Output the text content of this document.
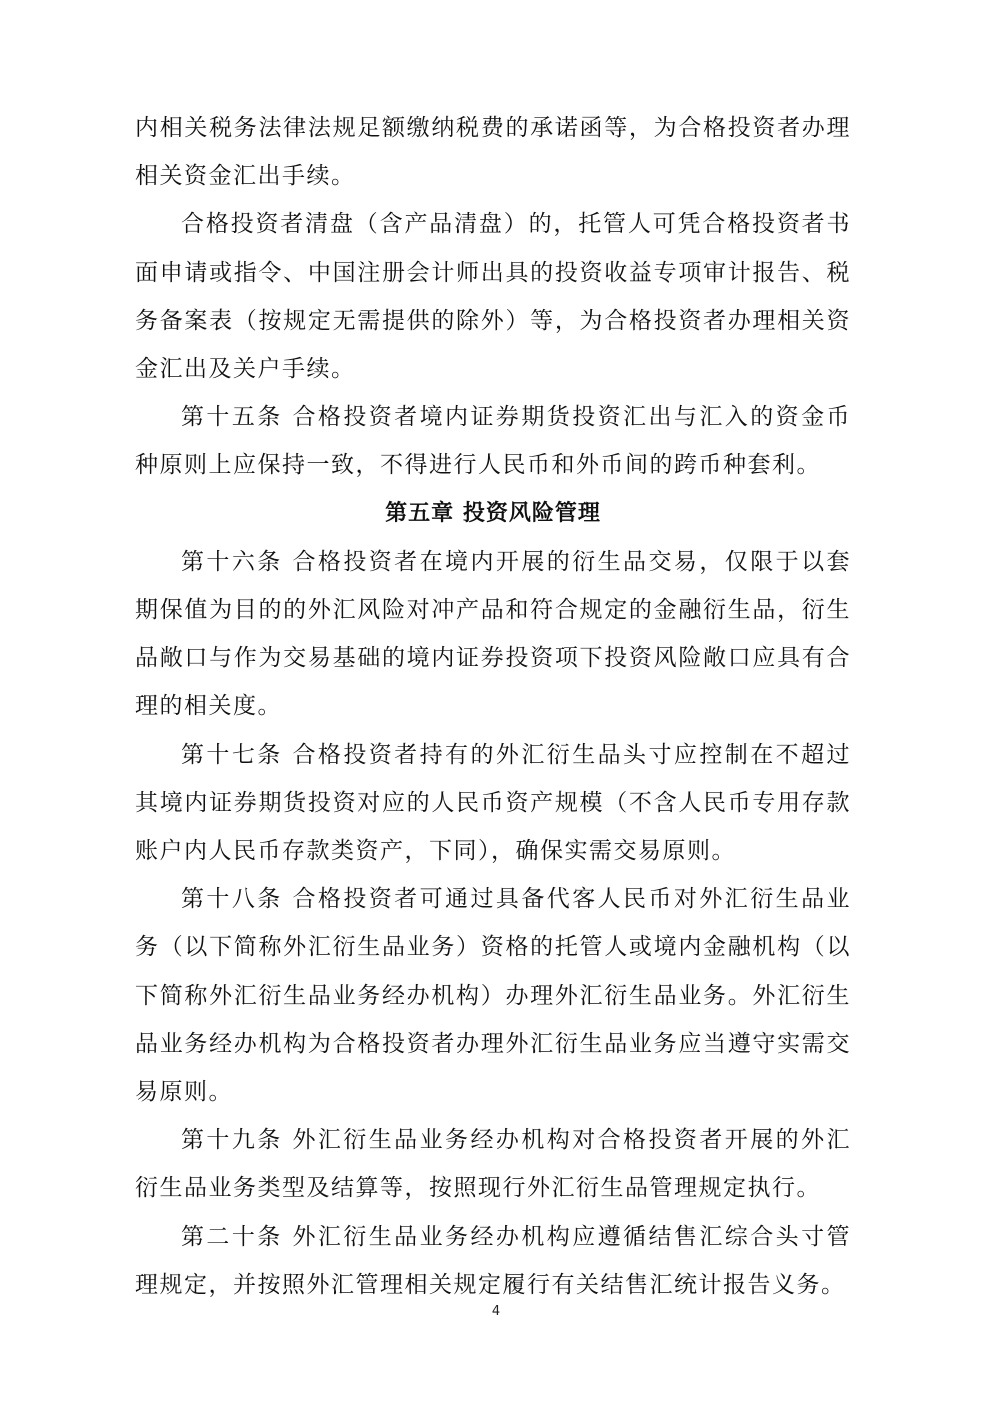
内相关税务法律法规足额缴纳税费的承诺函等，为合格投资者办理相关资金汇出手续。

合格投资者清盘（含产品清盘）的，托管人可凭合格投资者书面申请或指令、中国注册会计师出具的投资收益专项审计报告、税务备案表（按规定无需提供的除外）等，为合格投资者办理相关资金汇出及关户手续。

第十五条 合格投资者境内证券期货投资汇出与汇入的资金币种原则上应保持一致，不得进行人民币和外币间的跨币种套利。

第五章 投资风险管理

第十六条 合格投资者在境内开展的衍生品交易，仅限于以套期保值为目的的外汇风险对冲产品和符合规定的金融衍生品，衍生品敞口与作为交易基础的境内证券投资项下投资风险敞口应具有合理的相关度。

第十七条 合格投资者持有的外汇衍生品头寸应控制在不超过其境内证券期货投资对应的人民币资产规模（不含人民币专用存款账户内人民币存款类资产，下同），确保实需交易原则。

第十八条 合格投资者可通过具备代客人民币对外汇衍生品业务（以下简称外汇衍生品业务）资格的托管人或境内金融机构（以下简称外汇衍生品业务经办机构）办理外汇衍生品业务。外汇衍生品业务经办机构为合格投资者办理外汇衍生品业务应当遵守实需交易原则。

第十九条 外汇衍生品业务经办机构对合格投资者开展的外汇衍生品业务类型及结算等，按照现行外汇衍生品管理规定执行。

第二十条 外汇衍生品业务经办机构应遵循结售汇综合头寸管理规定，并按照外汇管理相关规定履行有关结售汇统计报告义务。

4
